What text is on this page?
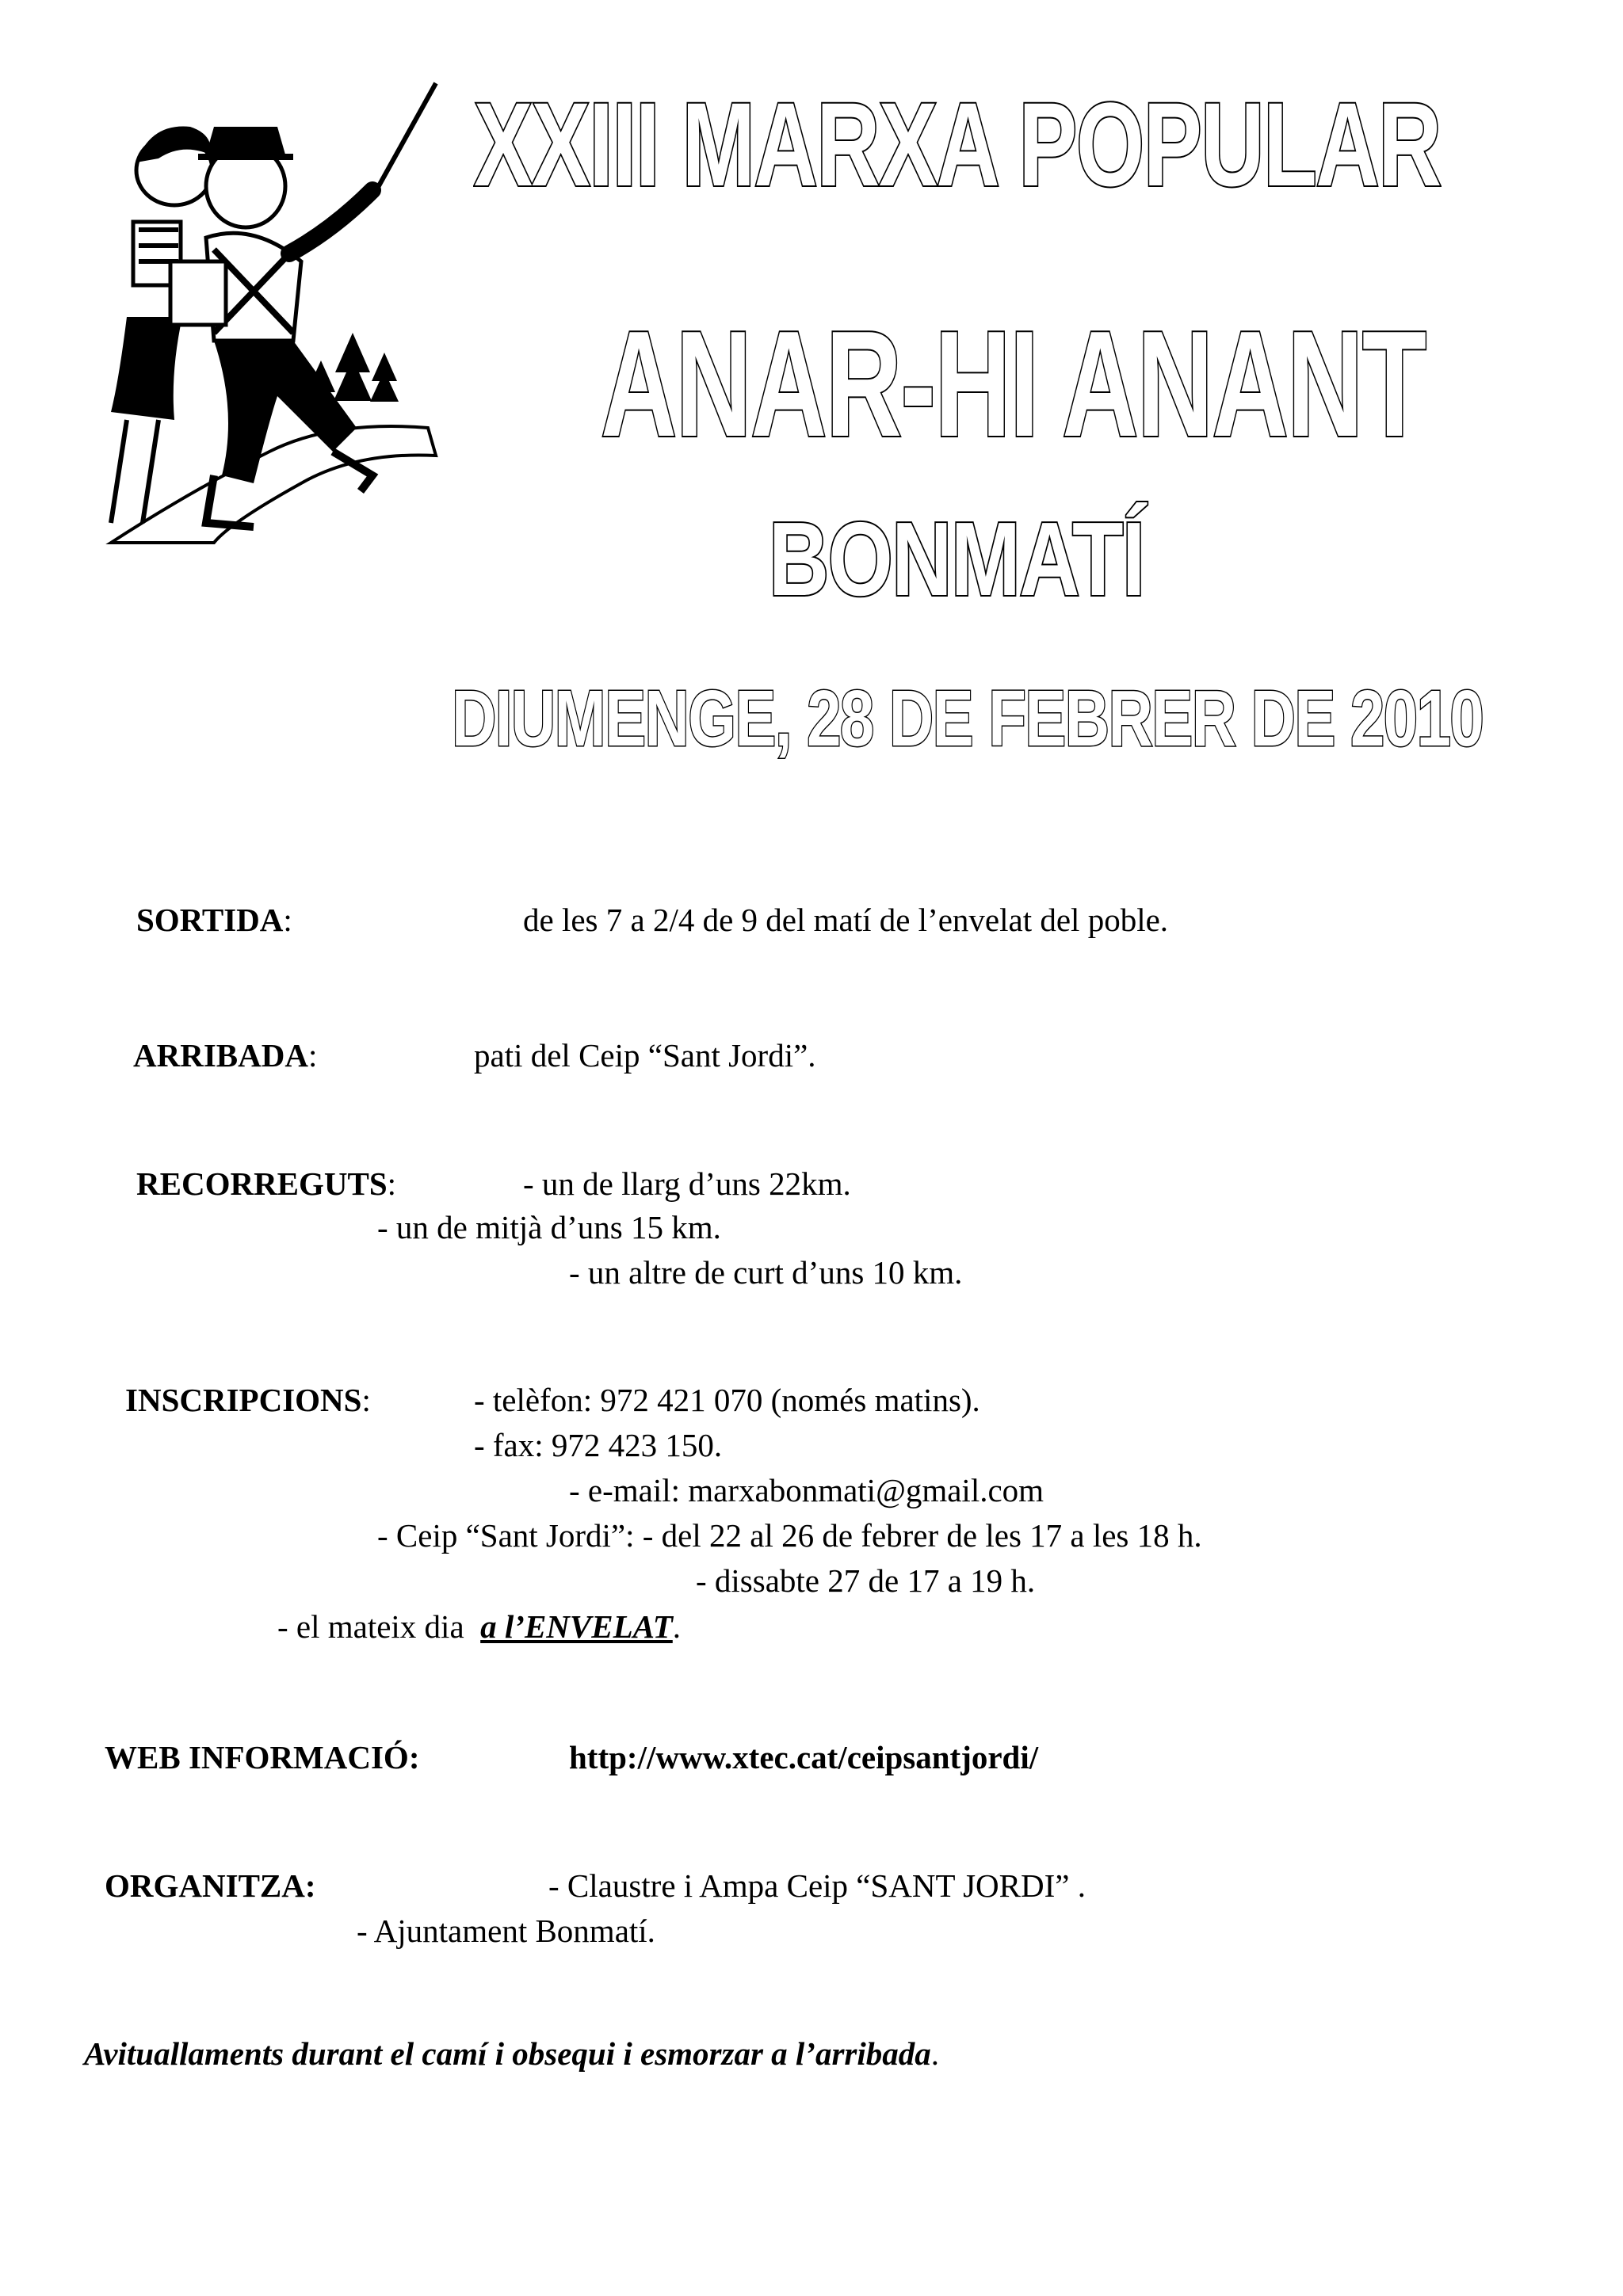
XXIII MARXA POPULAR
ANAR-HI ANANT
BONMATÍ
DIUMENGE, 28 DE FEBRER DE 2010

SORTIDA:	de les 7 a 2/4 de 9 del matí de l’envelat del poble.

ARRIBADA:	pati del Ceip “Sant Jordi”.

RECORREGUTS:	- un de llarg d’uns 22km.

- un de mitjà d’uns 15 km.

- un altre de curt d’uns 10 km.

INSCRIPCIONS:	- telèfon: 972 421 070 (només matins).

- fax: 972 423 150.

- e-mail: marxabonmati@gmail.com

- Ceip “Sant Jordi”: - del 22 al 26 de febrer de les 17 a les 18 h.

- dissabte 27 de 17 a 19 h.

- el mateix dia  a l’ENVELAT.

WEB INFORMACIÓ:	http://www.xtec.cat/ceipsantjordi/

ORGANITZA:	- Claustre i Ampa Ceip “SANT JORDI” .

- Ajuntament Bonmatí.

Avituallaments durant el camí i obsequi i esmorzar a l’arribada.
